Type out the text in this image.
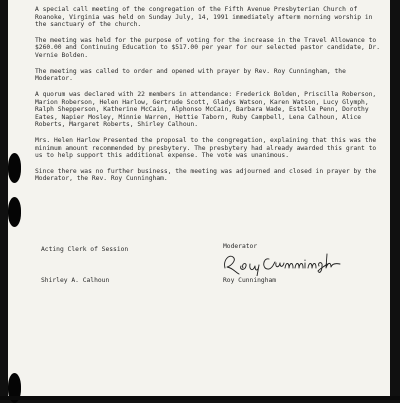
A special call meeting of the congregation of the Fifth Avenue Presbyterian Church of Roanoke, Virginia was held on Sunday July, 14, 1991 immediately afterm morning worship in the sanctuary of the church.

The meeting was held for the purpose of voting for the increase in the Travel Allowance to $260.00 and Continuing Education to $517.00 per year for our selected pastor candidate, Dr. Vernie Bolden.

The meeting was called to order and opened with prayer by Rev. Roy Cunningham, the Moderator.

A quorum was declared with 22 members in attendance: Frederick Bolden, Priscilla Roberson, Marion Roberson, Helen Harlow, Gertrude Scott, Gladys Watson, Karen Watson, Lucy Glymph, Ralph Shepperson, Katherine McCain, Alphonso McCain, Barbara Wade, Estelle Penn, Dorothy Eates, Napier Mosley, Minnie Warren, Hettie Taborn, Ruby Campbell, Lena Calhoun, Alice Roberts, Margaret Roberts, Shirley Calhoun.

Mrs. Helen Harlow Presented the proposal to the congregation, explaining that this was the minimum amount recommended by presbytery. The presbytery had already awarded this grant to us to help support this additional expense. The vote was unanimous.

Since there was no further business, the meeting was adjourned and closed in prayer by the Moderator, the Rev. Roy Cunningham.

Acting Clerk of Session
Shirley A. Calhoun
Moderator
Roy Cunningham
